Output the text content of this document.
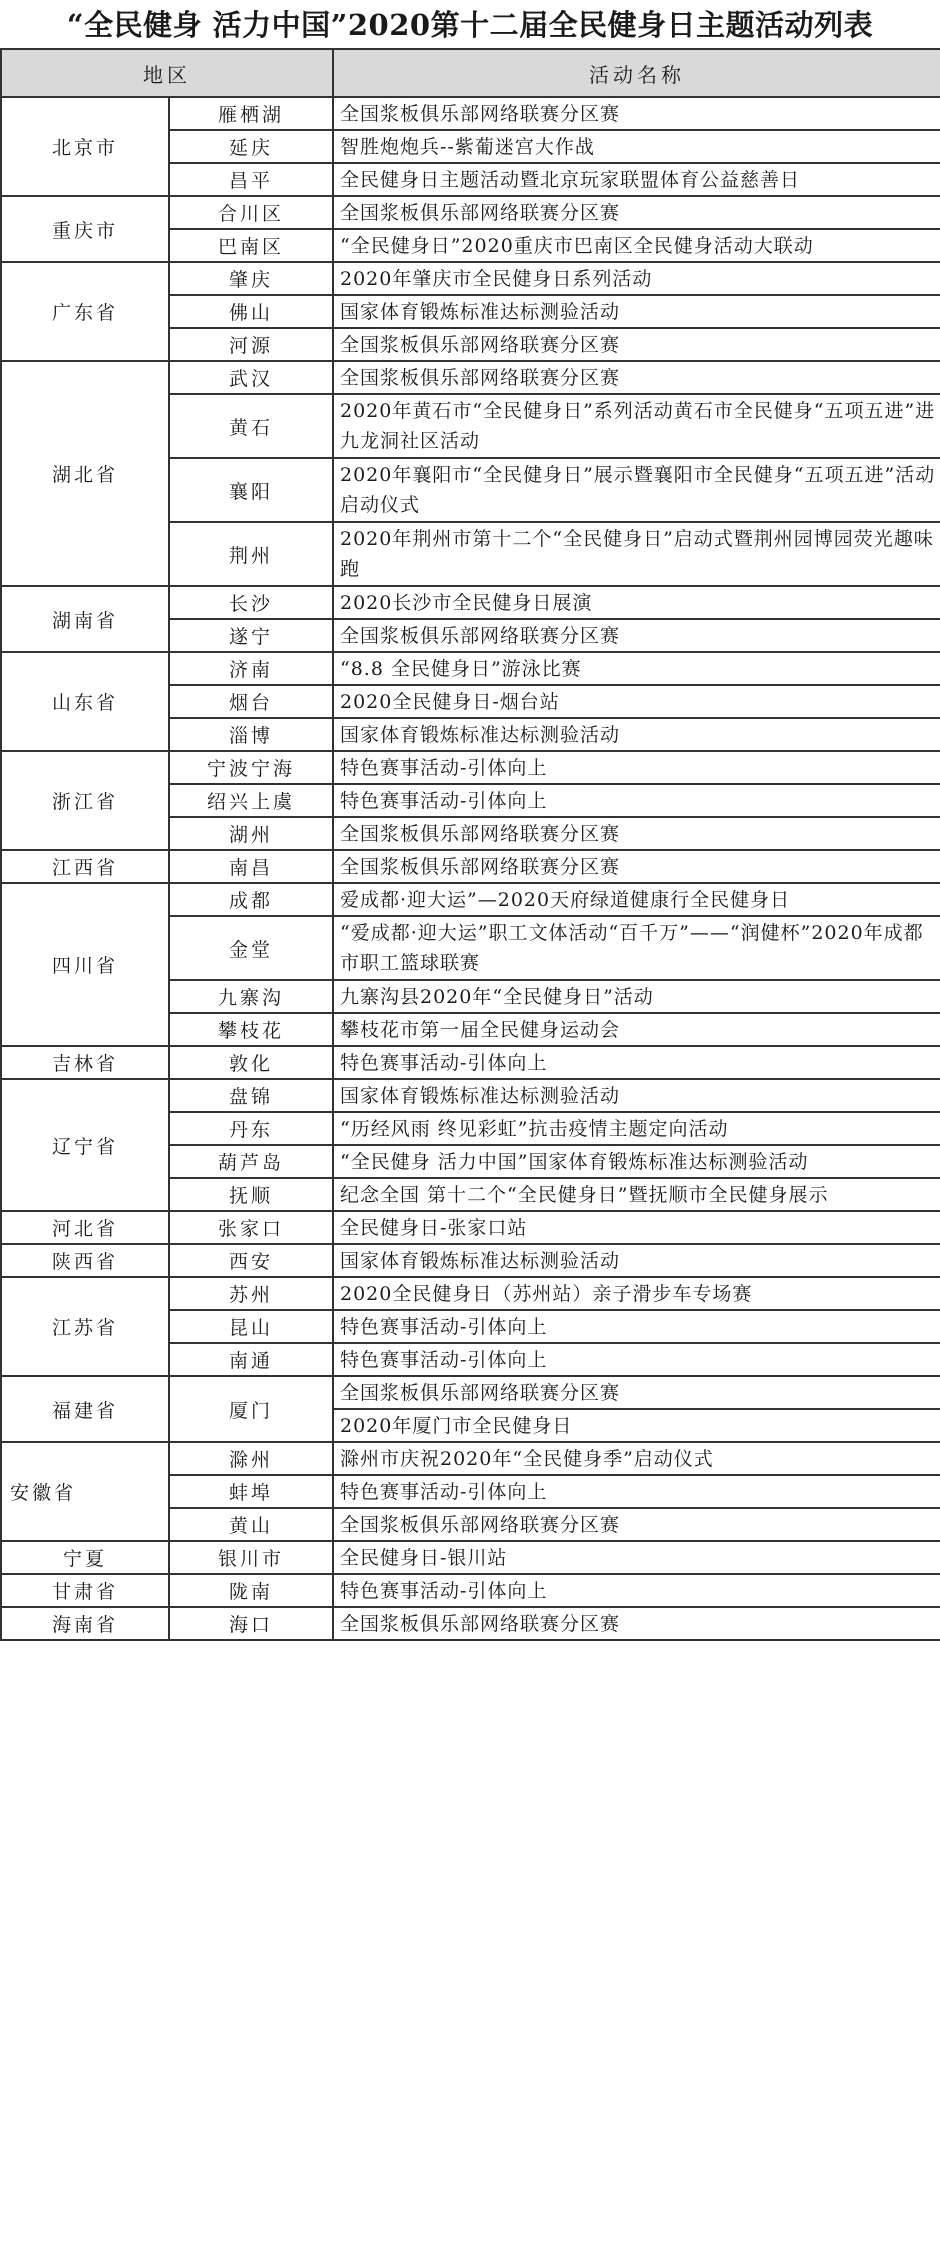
“全民健身 活力中国”2020第十二届全民健身日主题活动列表
地区		活动名称
北京市	雁栖湖	全国浆板俱乐部网络联赛分区赛
	延庆	智胜炮炮兵--紫葡迷宫大作战
	昌平	全民健身日主题活动暨北京玩家联盟体育公益慈善日
重庆市	合川区	全国浆板俱乐部网络联赛分区赛
	巴南区	“全民健身日”2020重庆市巴南区全民健身活动大联动
广东省	肇庆	2020年肇庆市全民健身日系列活动
	佛山	国家体育锻炼标准达标测验活动
	河源	全国浆板俱乐部网络联赛分区赛
湖北省	武汉	全国浆板俱乐部网络联赛分区赛
	黄石	2020年黄石市“全民健身日”系列活动黄石市全民健身“五项五进”进九龙洞社区活动
	襄阳	2020年襄阳市“全民健身日”展示暨襄阳市全民健身“五项五进”活动启动仪式
	荆州	2020年荆州市第十二个“全民健身日”启动式暨荆州园博园荧光趣味跑
湖南省	长沙	2020长沙市全民健身日展演
	遂宁	全国浆板俱乐部网络联赛分区赛
山东省	济南	“8.8 全民健身日”游泳比赛
	烟台	2020全民健身日-烟台站
	淄博	国家体育锻炼标准达标测验活动
浙江省	宁波宁海	特色赛事活动-引体向上
	绍兴上虞	特色赛事活动-引体向上
	湖州	全国浆板俱乐部网络联赛分区赛
江西省	南昌	全国浆板俱乐部网络联赛分区赛
四川省	成都	爱成都·迎大运”—2020天府绿道健康行全民健身日
	金堂	“爱成都·迎大运”职工文体活动“百千万”——“润健杯”2020年成都市职工篮球联赛
	九寨沟	九寨沟县2020年“全民健身日”活动
	攀枝花	攀枝花市第一届全民健身运动会
吉林省	敦化	特色赛事活动-引体向上
辽宁省	盘锦	国家体育锻炼标准达标测验活动
	丹东	“历经风雨 终见彩虹”抗击疫情主题定向活动
	葫芦岛	“全民健身 活力中国”国家体育锻炼标准达标测验活动
	抚顺	纪念全国 第十二个“全民健身日”暨抚顺市全民健身展示
河北省	张家口	全民健身日-张家口站
陕西省	西安	国家体育锻炼标准达标测验活动
江苏省	苏州	2020全民健身日（苏州站）亲子滑步车专场赛
	昆山	特色赛事活动-引体向上
	南通	特色赛事活动-引体向上
福建省	厦门	全国浆板俱乐部网络联赛分区赛
		2020年厦门市全民健身日
安徽省	滁州	滁州市庆祝2020年“全民健身季”启动仪式
	蚌埠	特色赛事活动-引体向上
	黄山	全国浆板俱乐部网络联赛分区赛
宁夏	银川市	全民健身日-银川站
甘肃省	陇南	特色赛事活动-引体向上
海南省	海口	全国浆板俱乐部网络联赛分区赛
